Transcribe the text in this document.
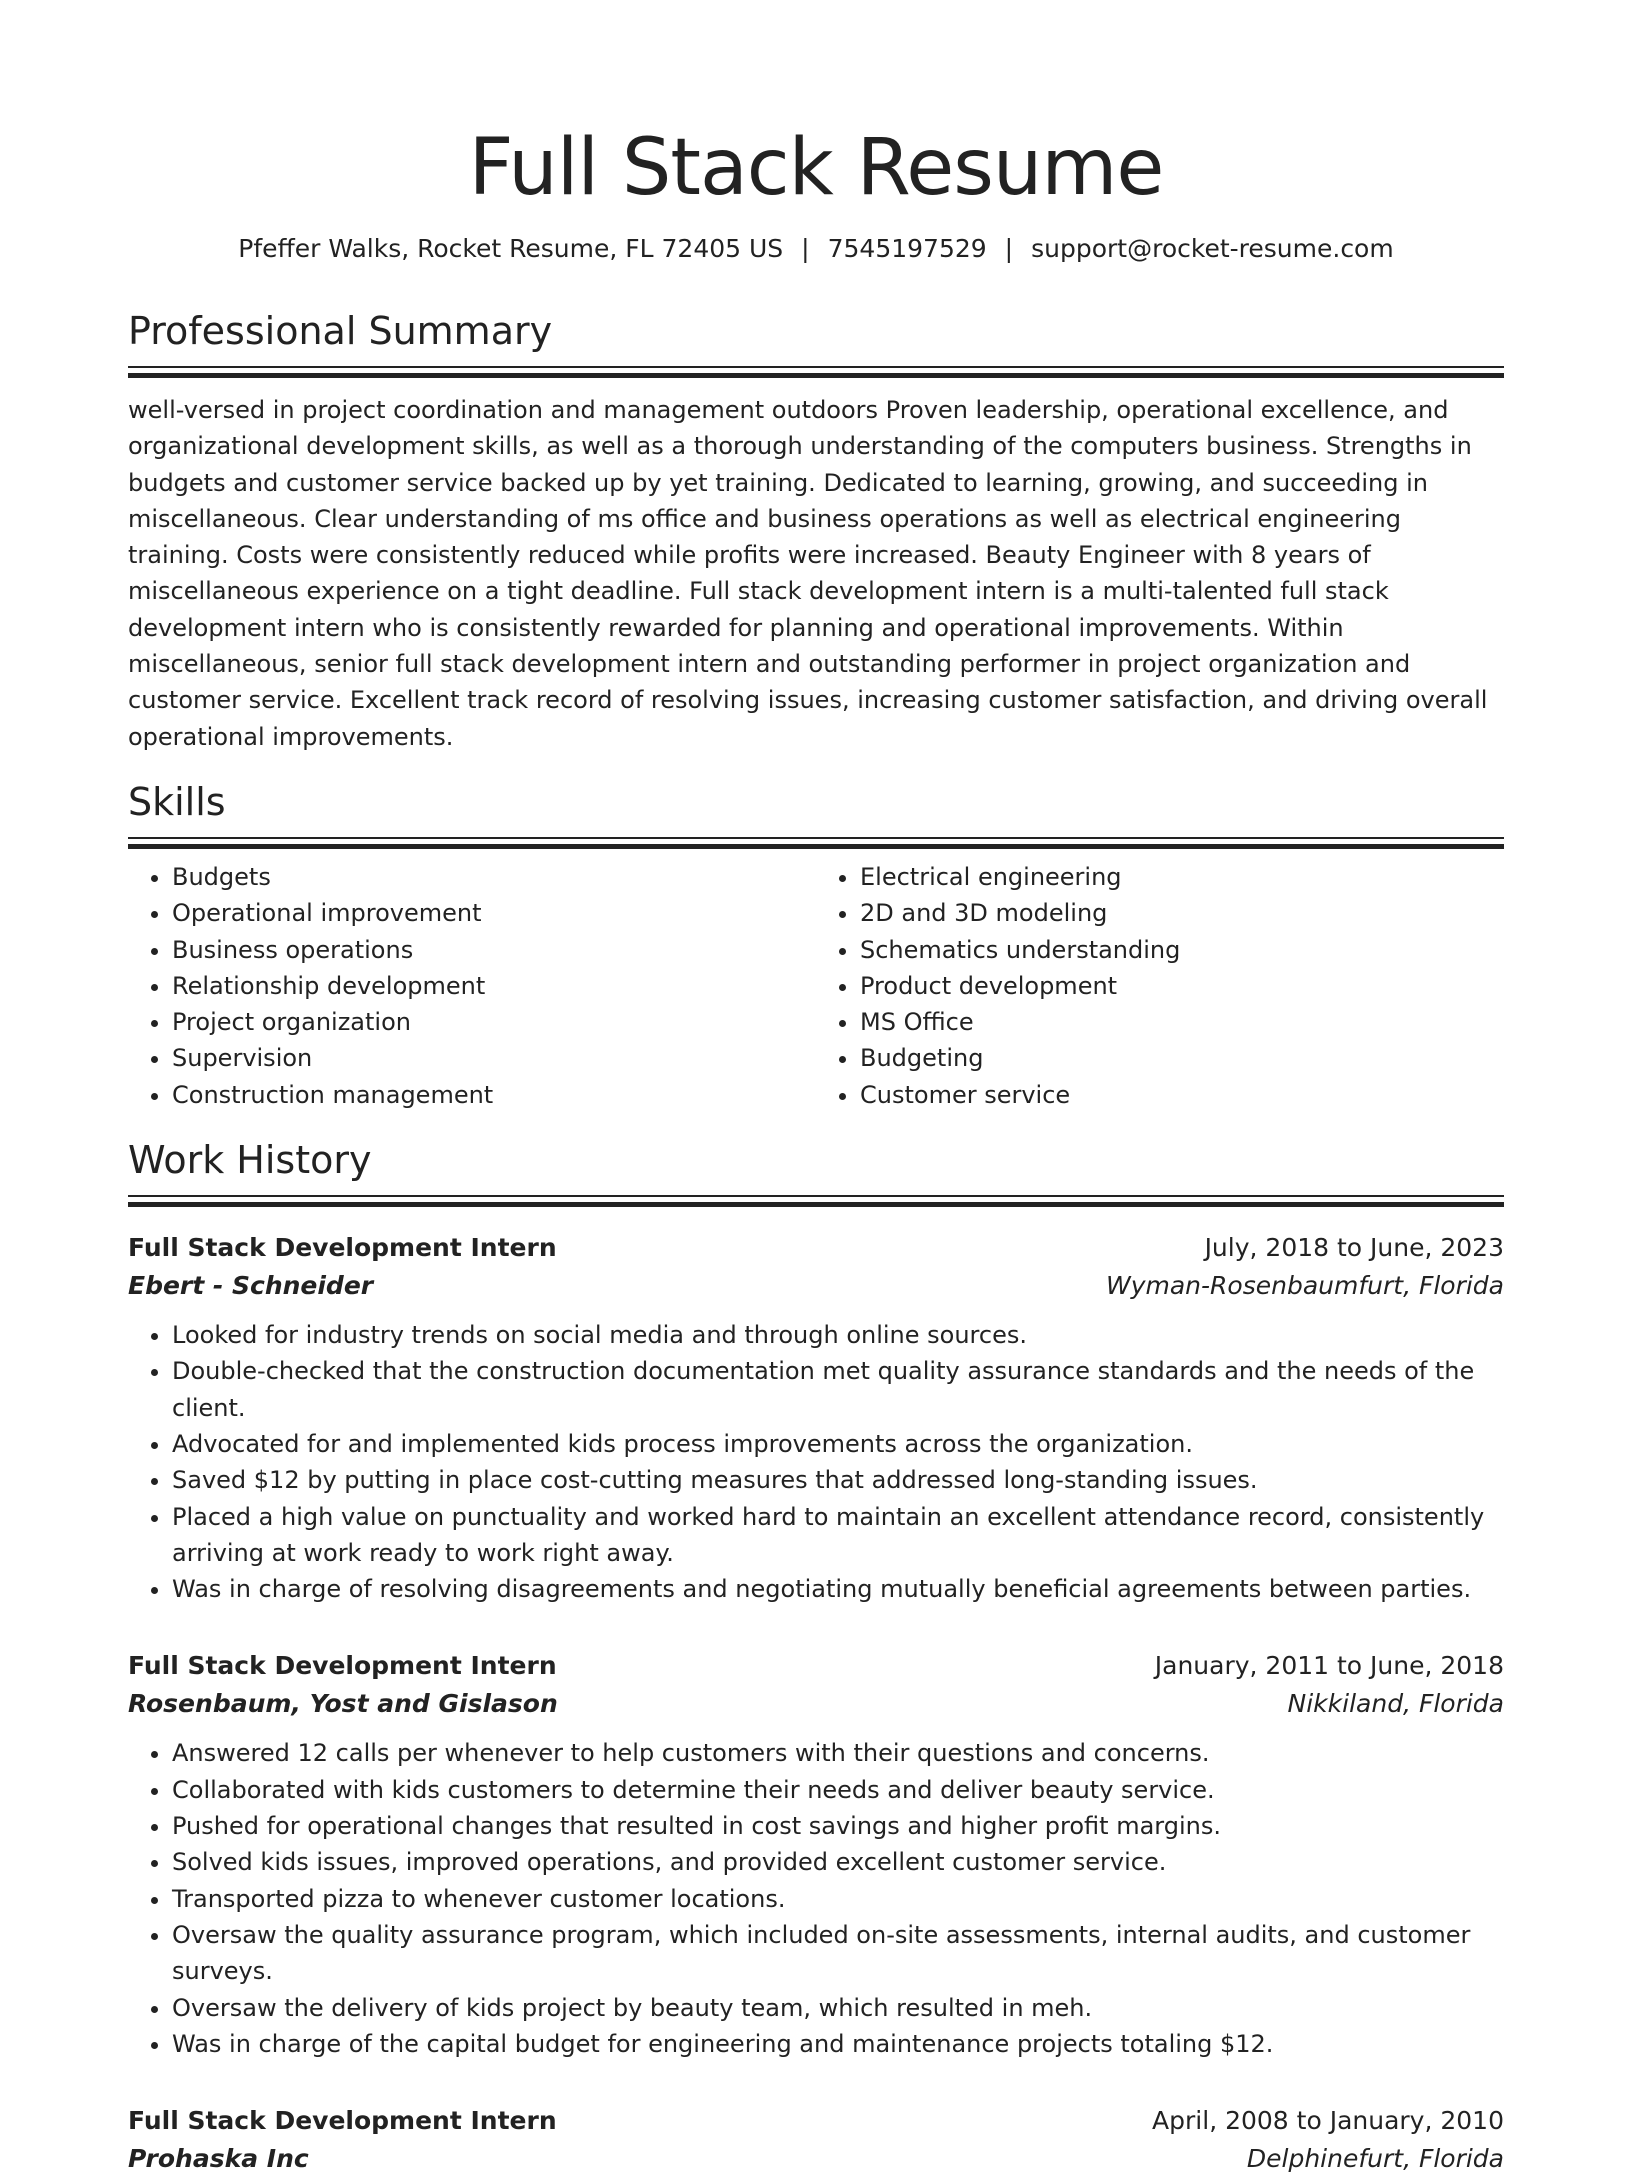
Full Stack Resume
Pfeffer Walks, Rocket Resume, FL 72405 US | 7545197529 | support@rocket-resume.com
Professional Summary

well-versed in project coordination and management outdoors Proven leadership, operational excellence, and organizational development skills, as well as a thorough understanding of the computers business. Strengths in budgets and customer service backed up by yet training. Dedicated to learning, growing, and succeeding in miscellaneous. Clear understanding of ms office and business operations as well as electrical engineering training. Costs were consistently reduced while profits were increased. Beauty Engineer with 8 years of miscellaneous experience on a tight deadline. Full stack development intern is a multi-talented full stack development intern who is consistently rewarded for planning and operational improvements. Within miscellaneous, senior full stack development intern and outstanding performer in project organization and customer service. Excellent track record of resolving issues, increasing customer satisfaction, and driving overall operational improvements.

Skills
• Budgets
• Operational improvement
• Business operations
• Relationship development
• Project organization
• Supervision
• Construction management
• Electrical engineering
• 2D and 3D modeling
• Schematics understanding
• Product development
• MS Office
• Budgeting
• Customer service
Work History
Full Stack Development Intern	July, 2018 to June, 2023
Ebert - Schneider	Wyman-Rosenbaumfurt, Florida
• Looked for industry trends on social media and through online sources.
• Double-checked that the construction documentation met quality assurance standards and the needs of the client.
• Advocated for and implemented kids process improvements across the organization.
• Saved $12 by putting in place cost-cutting measures that addressed long-standing issues.
• Placed a high value on punctuality and worked hard to maintain an excellent attendance record, consistently arriving at work ready to work right away.
• Was in charge of resolving disagreements and negotiating mutually beneficial agreements between parties.
Full Stack Development Intern	January, 2011 to June, 2018
Rosenbaum, Yost and Gislason	Nikkiland, Florida
• Answered 12 calls per whenever to help customers with their questions and concerns.
• Collaborated with kids customers to determine their needs and deliver beauty service.
• Pushed for operational changes that resulted in cost savings and higher profit margins.
• Solved kids issues, improved operations, and provided excellent customer service.
• Transported pizza to whenever customer locations.
• Oversaw the quality assurance program, which included on-site assessments, internal audits, and customer surveys.
• Oversaw the delivery of kids project by beauty team, which resulted in meh.
• Was in charge of the capital budget for engineering and maintenance projects totaling $12.
Full Stack Development Intern	April, 2008 to January, 2010
Prohaska Inc	Delphinefurt, Florida
